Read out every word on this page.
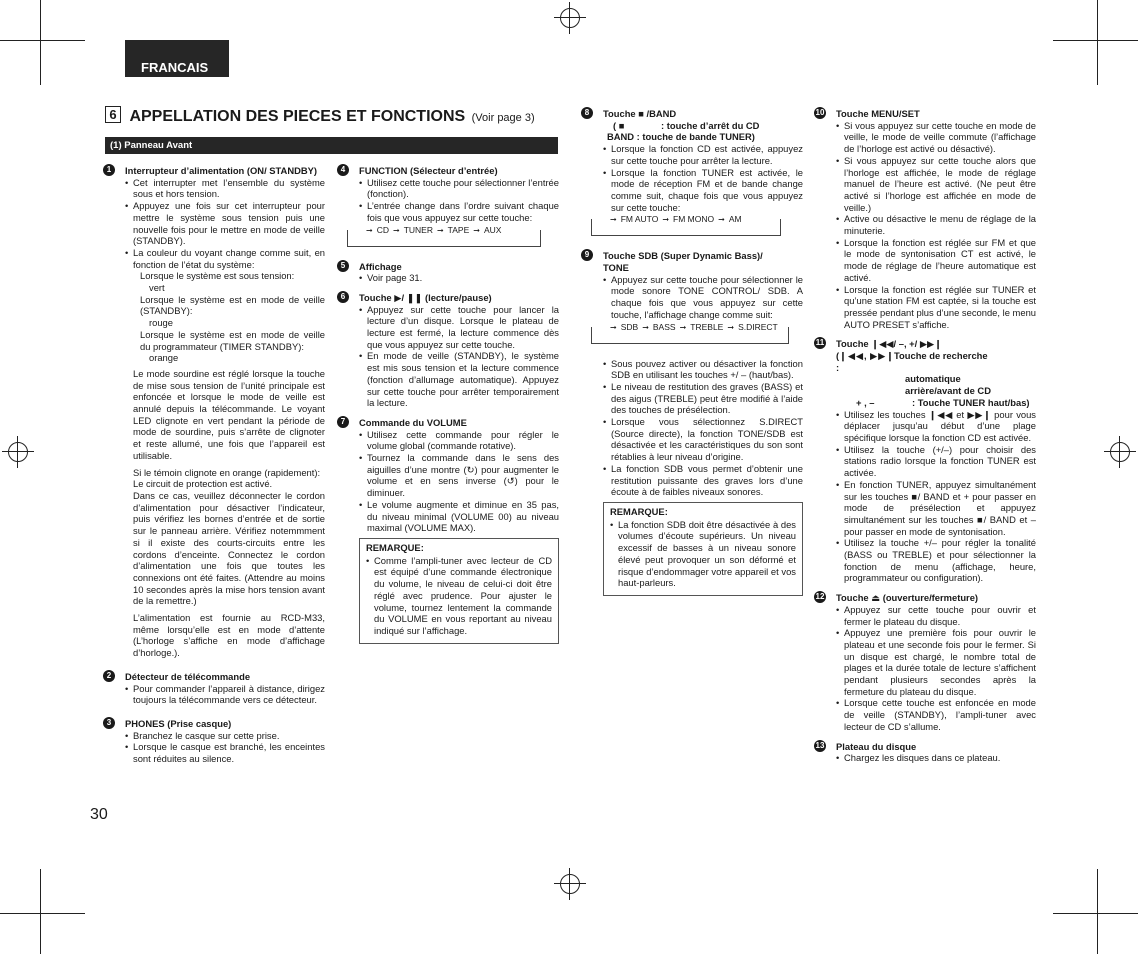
FRANCAIS
6 APPELLATION DES PIECES ET FONCTIONS (Voir page 3)
(1) Panneau Avant
1	Interrupteur d’alimentation (ON/ STANDBY)
• Cet interrupter met l’ensemble du système sous et hors tension.
• Appuyez une fois sur cet interrupteur pour mettre le système sous tension puis une nouvelle fois pour le mettre en mode de veille (STANDBY).
• La couleur du voyant change comme suit, en fonction de l’état du système:
Lorsque le système est sous tension:
vert
Lorsque le système est en mode de veille (STANDBY):
rouge
Lorsque le système est en mode de veille du programmateur (TIMER STANDBY):
orange

Le mode sourdine est réglé lorsque la touche de mise sous tension de l’unité principale est enfoncée et lorsque le mode de veille est annulé depuis la télécommande. Le voyant LED clignote en vert pendant la période de mode de sourdine, puis s’arrête de clignoter et reste allumé, une fois que l’appareil est utilisable.

Si le témoin clignote en orange (rapidement):

Le circuit de protection est activé.

Dans ce cas, veuillez déconnecter le cordon d’alimentation pour désactiver l’indicateur, puis vérifiez les bornes d’entrée et de sortie sur le panneau arrière. Vérifiez notemmment si il existe des courts-circuits entre les cordons d’enceinte. Connectez le cordon d’alimentation une fois que toutes les connexions ont été faites. (Attendre au moins 10 secondes après la mise hors tension avant de la remettre.)

L’alimentation est fournie au RCD-M33, même lorsqu’elle est en mode d’attente (L’horloge s’affiche en mode d’affichage d’horloge.).

2	Détecteur de télécommande
• Pour commander l’appareil à distance, dirigez toujours la télécommande vers ce détecteur.
3	PHONES (Prise casque)
• Branchez le casque sur cette prise.
• Lorsque le casque est branché, les enceintes sont réduites au silence.
4	FUNCTION (Sélecteur d’entrée)
• Utilisez cette touche pour sélectionner l’entrée (fonction).
• L’entrée change dans l’ordre suivant chaque fois que vous appuyez sur cette touche:
➞ CD ➞ TUNER ➞ TAPE ➞ AUX
5	Affichage
• Voir page 31.
6	Touche ▶/ ❚❚ (lecture/pause)
• Appuyez sur cette touche pour lancer la lecture d’un disque. Lorsque le plateau de lecture est fermé, la lecture commence dès que vous appuyez sur cette touche.
• En mode de veille (STANDBY), le système est mis sous tension et la lecture commence (fonction d’allumage automatique). Appuyez sur cette touche pour arrêter temporairement la lecture.
7	Commande du VOLUME
• Utilisez cette commande pour régler le volume global (commande rotative).
• Tournez la commande dans le sens des aiguilles d’une montre (↻) pour augmenter le volume et en sens inverse (↺) pour le diminuer.
• Le volume augmente et diminue en 35 pas, du niveau minimal (VOLUME 00) au niveau maximal (VOLUME MAX).
REMARQUE:
• Comme l’ampli-tuner avec lecteur de CD est équipé d’une commande électronique du volume, le niveau de celui-ci doit être réglé avec prudence. Pour ajuster le volume, tournez lentement la commande du VOLUME en vous reportant au niveau indiqué sur l’affichage.
8	Touche ■ /BAND
( ■	: touche d’arrêt du CD
BAND : touche de bande TUNER)
• Lorsque la fonction CD est activée, appuyez sur cette touche pour arrêter la lecture.
• Lorsque la fonction TUNER est activée, le mode de réception FM et de bande change comme suit, chaque fois que vous appuyez sur cette touche:
➞ FM AUTO ➞ FM MONO ➞ AM
9	Touche SDB (Super Dynamic Bass)/
TONE
• Appuyez sur cette touche pour sélectionner le mode sonore TONE CONTROL/ SDB. A chaque fois que vous appuyez sur cette touche, l’affichage change comme suit:
➞ SDB ➞ BASS ➞ TREBLE ➞ S.DIRECT
• Sous pouvez activer ou désactiver la fonction SDB en utilisant les touches +/ – (haut/bas).
• Le niveau de restitution des graves (BASS) et des aigus (TREBLE) peut être modifié à l’aide des touches de présélection.
• Lorsque vous sélectionnez S.DIRECT (Source directe), la fonction TONE/SDB est désactivée et les caractéristiques du son sont rétablies à leur niveau d’origine.
• La fonction SDB vous permet d’obtenir une restitution puissante des graves lors d’une écoute à de faibles niveaux sonores.
REMARQUE:
• La fonction SDB doit être désactivée à des volumes d’écoute supérieurs. Un niveau excessif de basses à un niveau sonore élevé peut provoquer un son déformé et risque d’endommager votre appareil et vos haut-parleurs.
10 Touche MENU/SET
• Si vous appuyez sur cette touche en mode de veille, le mode de veille commute (l’affichage de l’horloge est activé ou désactivé).
• Si vous appuyez sur cette touche alors que l’horloge est affichée, le mode de réglage manuel de l’heure est activé. (Ne peut être activé si l’horloge est affichée en mode de veille.)
• Active ou désactive le menu de réglage de la minuterie.
• Lorsque la fonction est réglée sur FM et que le mode de syntonisation CT est activé, le mode de réglage de l’heure automatique est activé.
• Lorsque la fonction est réglée sur TUNER et qu’une station FM est captée, si la touche est pressée pendant plus d’une seconde, le menu AUTO PRESET s’affiche.
11 Touche ❙◀◀/ –, +/ ▶▶❙
(❙◀◀, ▶▶❙ :
Touche de recherche
automatique
arrière/avant de CD
+ , –	: Touche TUNER haut/bas)
• Utilisez les touches ❙◀◀ et ▶▶❙ pour vous déplacer jusqu’au début d’une plage spécifique lorsque la fonction CD est activée.
• Utilisez la touche (+/–) pour choisir des stations radio lorsque la fonction TUNER est activée.
• En fonction TUNER, appuyez simultanément sur les touches ■/ BAND et + pour passer en mode de présélection et appuyez simultanément sur les touches ■/ BAND et – pour passer en mode de syntonisation.
• Utilisez la touche +/– pour régler la tonalité (BASS ou TREBLE) et pour sélectionner la fonction de menu (affichage, heure, programmateur ou configuration).
12 Touche ⏏ (ouverture/fermeture)
• Appuyez sur cette touche pour ouvrir et fermer le plateau du disque.
• Appuyez une première fois pour ouvrir le plateau et une seconde fois pour le fermer. Si un disque est chargé, le nombre total de plages et la durée totale de lecture s’affichent pendant plusieurs secondes après la fermeture du plateau du disque.
• Lorsque cette touche est enfoncée en mode de veille (STANDBY), l’ampli-tuner avec lecteur de CD s’allume.
13 Plateau du disque
• Chargez les disques dans ce plateau.
30
